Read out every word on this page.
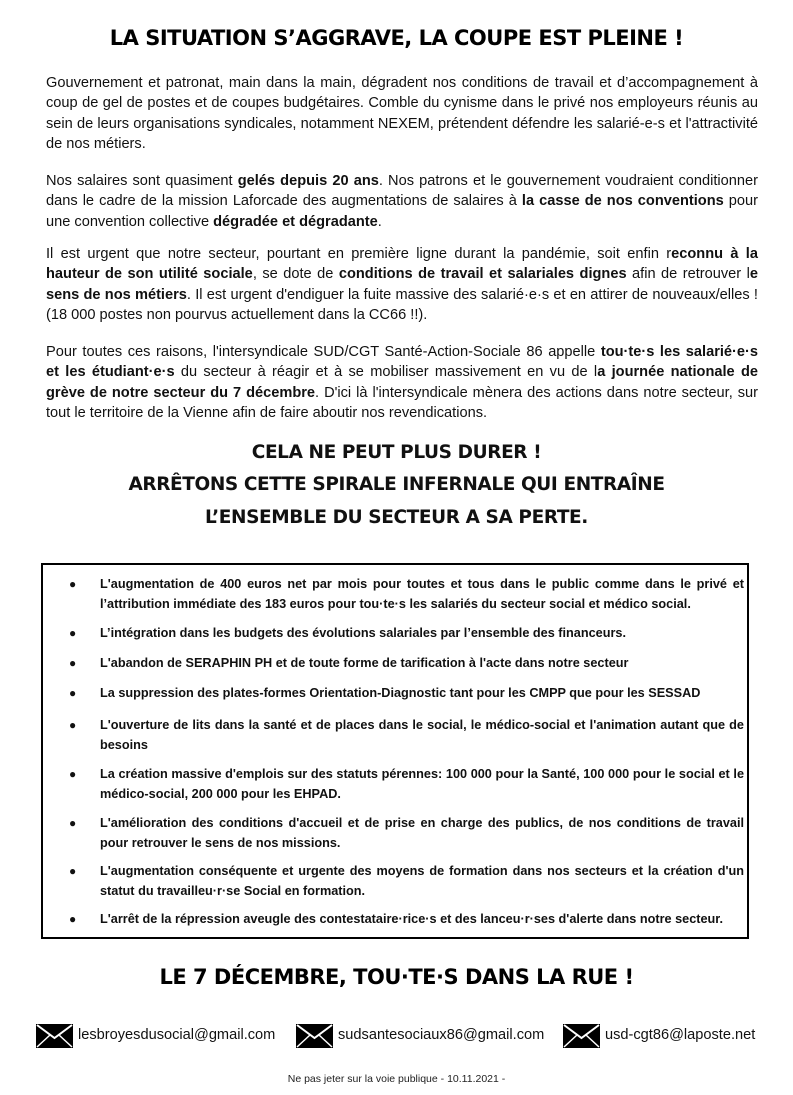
LA SITUATION S’AGGRAVE, LA COUPE EST PLEINE !

Gouvernement et patronat, main dans la main, dégradent nos conditions de travail et d’accompagnement à coup de gel de postes et de coupes budgétaires. Comble du cynisme dans le privé nos employeurs réunis au sein de leurs organisations syndicales, notamment NEXEM, prétendent défendre les salarié-e-s et l'attractivité de nos métiers.

Nos salaires sont quasiment gelés depuis 20 ans. Nos patrons et le gouvernement voudraient conditionner dans le cadre de la mission Laforcade des augmentations de salaires à la casse de nos conventions pour une convention collective dégradée et dégradante.

Il est urgent que notre secteur, pourtant en première ligne durant la pandémie, soit enfin reconnu à la hauteur de son utilité sociale, se dote de conditions de travail et salariales dignes afin de retrouver le sens de nos métiers. Il est urgent d'endiguer la fuite massive des salarié·e·s et en attirer de nouveaux/elles ! (18 000 postes non pourvus actuellement dans la CC66 !!).

Pour toutes ces raisons, l'intersyndicale SUD/CGT Santé-Action-Sociale 86 appelle tou·te·s les salarié·e·s et les étudiant·e·s du secteur à réagir et à se mobiliser massivement en vu de la journée nationale de grève de notre secteur du 7 décembre. D'ici là l'intersyndicale mènera des actions dans notre secteur, sur tout le territoire de la Vienne afin de faire aboutir nos revendications.

CELA NE PEUT PLUS DURER !
ARRÊTONS CETTE SPIRALE INFERNALE QUI ENTRAÎNE
L’ENSEMBLE DU SECTEUR A SA PERTE.
● L'augmentation de 400 euros net par mois pour toutes et tous dans le public comme dans le privé et l’attribution immédiate des 183 euros pour tou·te·s les salariés du secteur social et médico social.
● L’intégration dans les budgets des évolutions salariales par l’ensemble des financeurs.
● L'abandon de SERAPHIN PH et de toute forme de tarification à l'acte dans notre secteur
● La suppression des plates-formes Orientation-Diagnostic tant pour les CMPP que pour les SESSAD
● L'ouverture de lits dans la santé et de places dans le social, le médico-social et l'animation autant que de besoins
● La création massive d'emplois sur des statuts pérennes: 100 000 pour la Santé, 100 000 pour le social et le médico-social, 200 000 pour les EHPAD.
● L'amélioration des conditions d'accueil et de prise en charge des publics, de nos conditions de travail pour retrouver le sens de nos missions.
● L'augmentation conséquente et urgente des moyens de formation dans nos secteurs et la création d'un statut du travailleu·r·se Social en formation.
● L'arrêt de la répression aveugle des contestataire·rice·s et des lanceu·r·ses d'alerte dans notre secteur.
LE 7 DÉCEMBRE, TOU·TE·S DANS LA RUE !
lesbroyesdusocial@gmail.com	sudsantesociaux86@gmail.com	usd-cgt86@laposte.net
Ne pas jeter sur la voie publique - 10.11.2021 -
